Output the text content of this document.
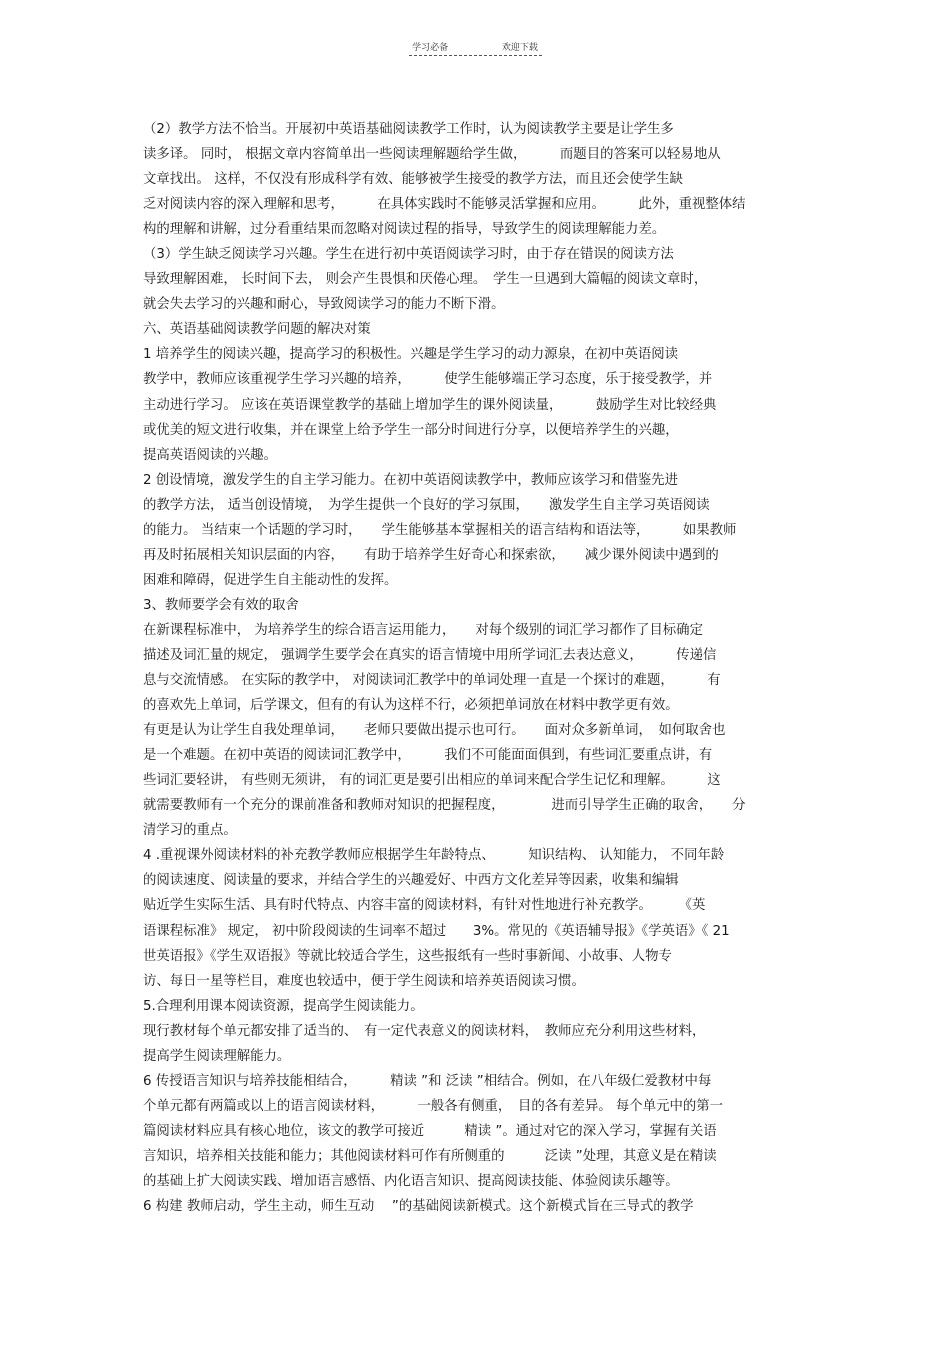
学习必备	欢迎下载
（2）教学方法不恰当。开展初中英语基础阅读教学工作时，认为阅读教学主要是让学生多
读多译。 同时， 根据文章内容简单出一些阅读理解题给学生做，　　　而题目的答案可以轻易地从
文章找出。 这样，不仅没有形成科学有效、能够被学生接受的教学方法，而且还会使学生缺
乏对阅读内容的深入理解和思考，　　　在具体实践时不能够灵活掌握和应用。　　　此外，重视整体结
构的理解和讲解，过分看重结果而忽略对阅读过程的指导，导致学生的阅读理解能力差。
（3）学生缺乏阅读学习兴趣。学生在进行初中英语阅读学习时，由于存在错误的阅读方法
导致理解困难， 长时间下去， 则会产生畏惧和厌倦心理。　学生一旦遇到大篇幅的阅读文章时，
就会失去学习的兴趣和耐心，导致阅读学习的能力不断下滑。
六、英语基础阅读教学问题的解决对策
1 培养学生的阅读兴趣，提高学习的积极性。兴趣是学生学习的动力源泉，在初中英语阅读
教学中，教师应该重视学生学习兴趣的培养，　　　使学生能够端正学习态度，乐于接受教学，并
主动进行学习。 应该在英语课堂教学的基础上增加学生的课外阅读量，　　　鼓励学生对比较经典
或优美的短文进行收集，并在课堂上给予学生一部分时间进行分享，以便培养学生的兴趣，
提高英语阅读的兴趣。
2 创设情境，激发学生的自主学习能力。在初中英语阅读教学中，教师应该学习和借鉴先进
的教学方法， 适当创设情境，　为学生提供一个良好的学习氛围，　　激发学生自主学习英语阅读
的能力。 当结束一个话题的学习时，　　学生能够基本掌握相关的语言结构和语法等，　　　如果教师
再及时拓展相关知识层面的内容，　　有助于培养学生好奇心和探索欲，　　减少课外阅读中遇到的
困难和障碍，促进学生自主能动性的发挥。
3、教师要学会有效的取舍
在新课程标准中， 为培养学生的综合语言运用能力，　　对每个级别的词汇学习都作了目标确定
描述及词汇量的规定， 强调学生要学会在真实的语言情境中用所学词汇去表达意义，　　　传递信
息与交流情感。 在实际的教学中， 对阅读词汇教学中的单词处理一直是一个探讨的难题，　　　有
的喜欢先上单词，后学课文，但有的有认为这样不行，必须把单词放在材料中教学更有效。
有更是认为让学生自我处理单词，　　老师只要做出提示也可行。　　面对众多新单词，　如何取舍也
是一个难题。在初中英语的阅读词汇教学中，　　　我们不可能面面俱到，有些词汇要重点讲，有
些词汇要轻讲， 有些则无须讲， 有的词汇更是要引出相应的单词来配合学生记忆和理解。　　　这
就需要教师有一个充分的课前准备和教师对知识的把握程度，　　　　进而引导学生正确的取舍，　　分
清学习的重点。
4 .重视课外阅读材料的补充教学教师应根据学生年龄特点、　　　知识结构、 认知能力， 不同年龄
的阅读速度、阅读量的要求，并结合学生的兴趣爱好、中西方文化差异等因素，收集和编辑
贴近学生实际生活、具有时代特点、内容丰富的阅读材料，有针对性地进行补充教学。　　　《英
语课程标准》 规定， 初中阶段阅读的生词率不超过　　3%。常见的《英语辅导报》《学英语》《 21
世英语报》《学生双语报》等就比较适合学生，这些报纸有一些时事新闻、小故事、人物专
访、每日一星等栏目，难度也较适中，便于学生阅读和培养英语阅读习惯。
5.合理利用课本阅读资源，提高学生阅读能力。
现行教材每个单元都安排了适当的、　有一定代表意义的阅读材料，　教师应充分利用这些材料，
提高学生阅读理解能力。
6 传授语言知识与培养技能相结合，　　　精读 ”和 泛读 ”相结合。例如，在八年级仁爱教材中每
个单元都有两篇或以上的语言阅读材料，　　　一般各有侧重，　目的各有差异。 每个单元中的第一
篇阅读材料应具有核心地位，该文的教学可接近　　　精读 ”。通过对它的深入学习，掌握有关语
言知识，培养相关技能和能力；其他阅读材料可作有所侧重的　　　泛读 ”处理，其意义是在精读
的基础上扩大阅读实践、增加语言感悟、内化语言知识、提高阅读技能、体验阅读乐趣等。
6 构建 教师启动，学生主动，师生互动　 ”的基础阅读新模式。这个新模式旨在三导式的教学
